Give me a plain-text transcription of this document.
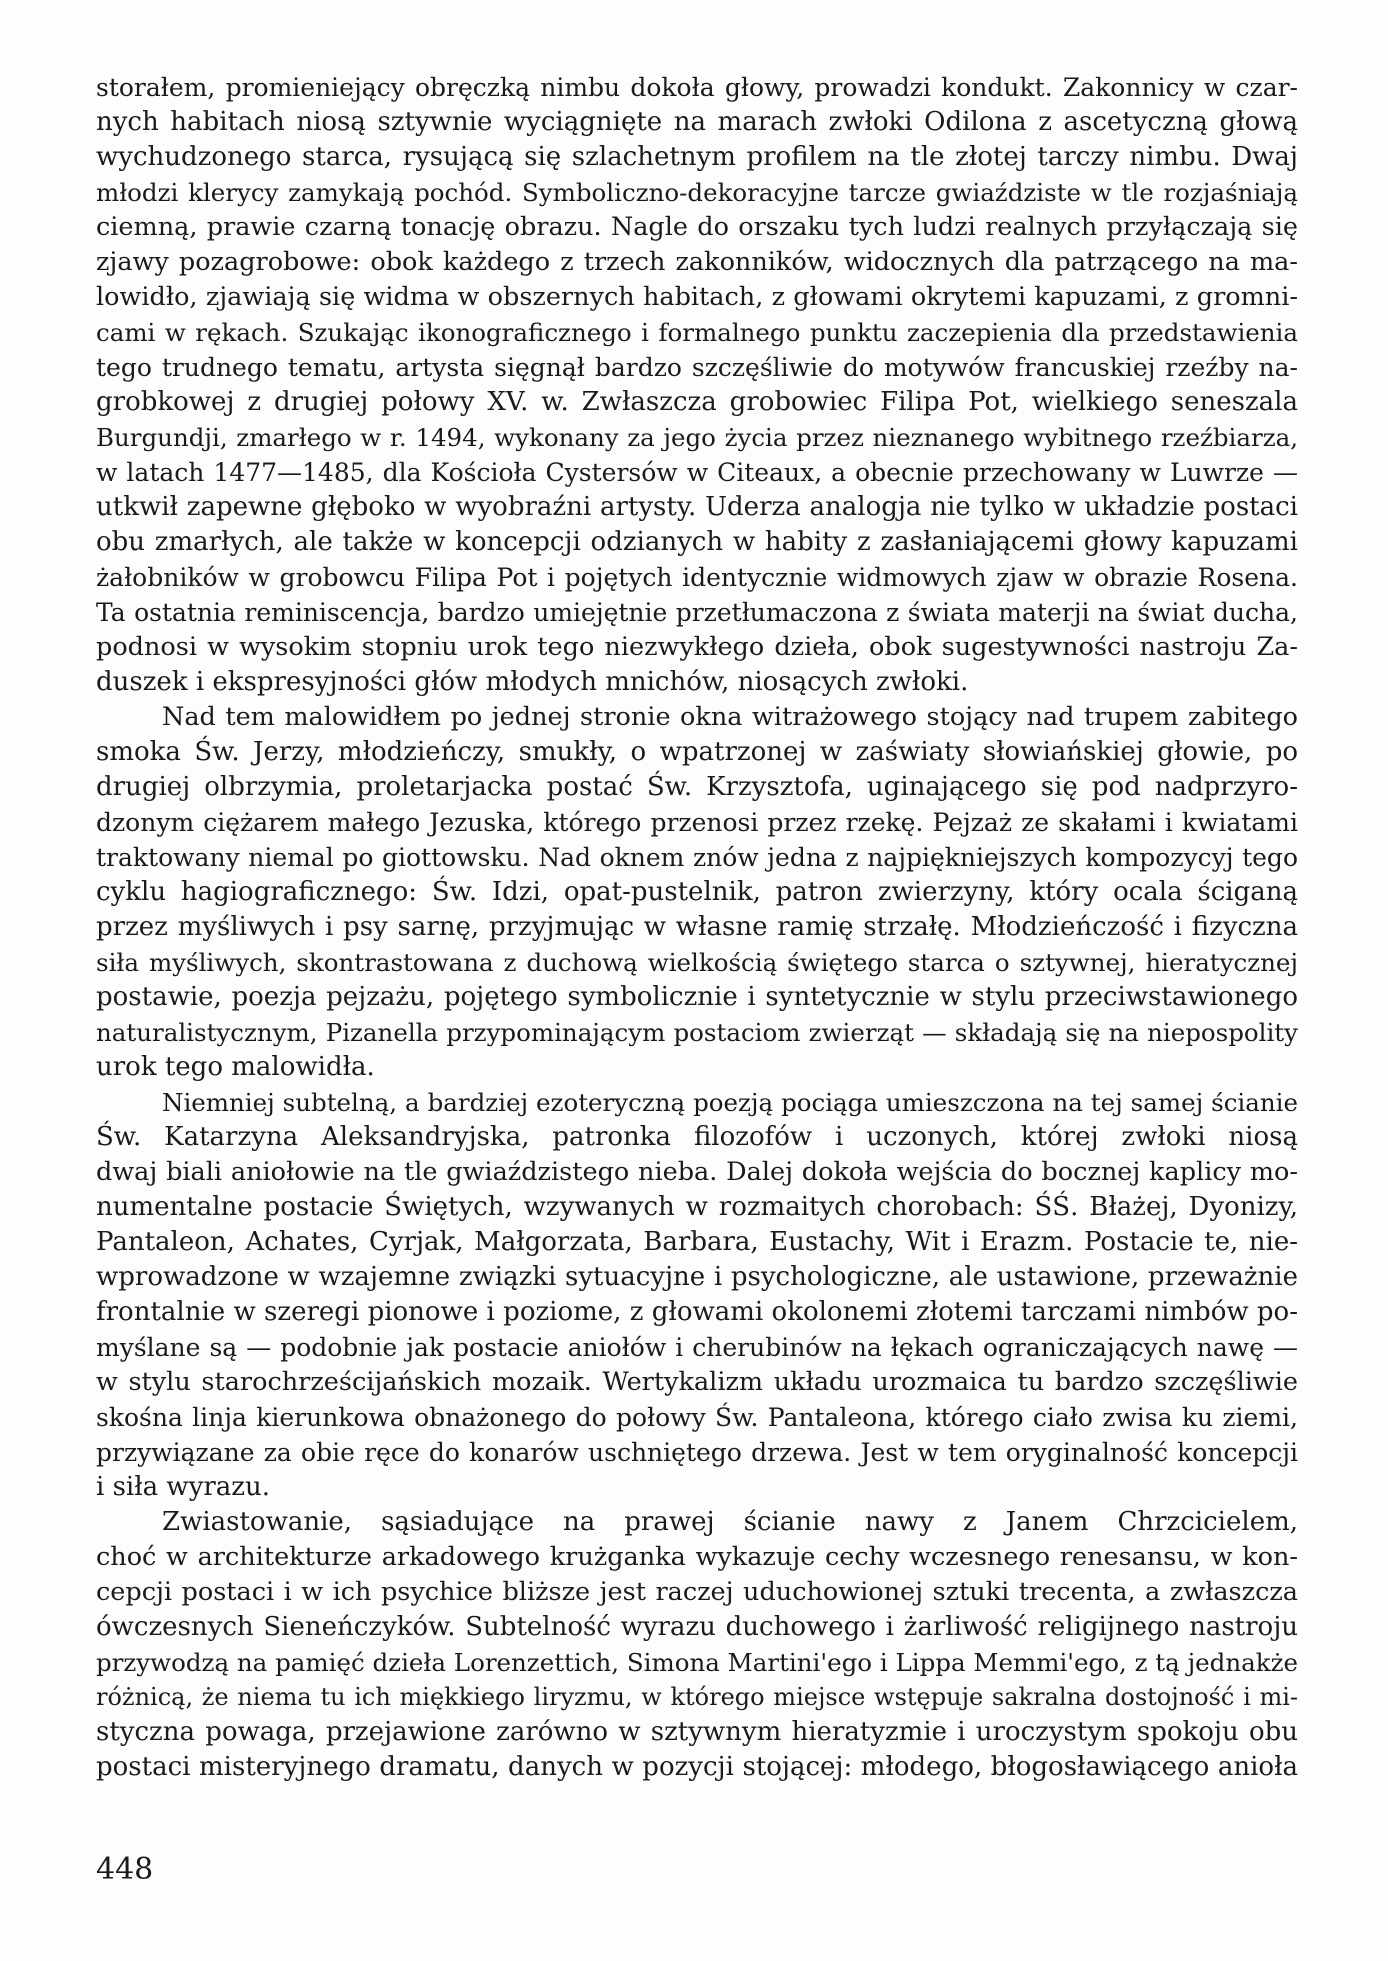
storałem, promieniejący obręczką nimbu dokoła głowy, prowadzi kondukt. Zakonnicy w czar-
nych habitach niosą sztywnie wyciągnięte na marach zwłoki Odilona z ascetyczną głową
wychudzonego starca, rysującą się szlachetnym profilem na tle złotej tarczy nimbu. Dwaj
młodzi klerycy zamykają pochód. Symboliczno-dekoracyjne tarcze gwiaździste w tle rozjaśniają
ciemną, prawie czarną tonację obrazu. Nagle do orszaku tych ludzi realnych przyłączają się
zjawy pozagrobowe: obok każdego z trzech zakonników, widocznych dla patrzącego na ma-
lowidło, zjawiają się widma w obszernych habitach, z głowami okrytemi kapuzami, z gromni-
cami w rękach. Szukając ikonograficznego i formalnego punktu zaczepienia dla przedstawienia
tego trudnego tematu, artysta sięgnął bardzo szczęśliwie do motywów francuskiej rzeźby na-
grobkowej z drugiej połowy XV. w. Zwłaszcza grobowiec Filipa Pot, wielkiego seneszala
Burgundji, zmarłego w r. 1494, wykonany za jego życia przez nieznanego wybitnego rzeźbiarza,
w latach 1477—1485, dla Kościoła Cystersów w Citeaux, a obecnie przechowany w Luwrze —
utkwił zapewne głęboko w wyobraźni artysty. Uderza analogja nie tylko w układzie postaci
obu zmarłych, ale także w koncepcji odzianych w habity z zasłaniającemi głowy kapuzami
żałobników w grobowcu Filipa Pot i pojętych identycznie widmowych zjaw w obrazie Rosena.
Ta ostatnia reminiscencja, bardzo umiejętnie przetłumaczona z świata materji na świat ducha,
podnosi w wysokim stopniu urok tego niezwykłego dzieła, obok sugestywności nastroju Za-
duszek i ekspresyjności głów młodych mnichów, niosących zwłoki.
Nad tem malowidłem po jednej stronie okna witrażowego stojący nad trupem zabitego
smoka Św. Jerzy, młodzieńczy, smukły, o wpatrzonej w zaświaty słowiańskiej głowie, po
drugiej olbrzymia, proletarjacka postać Św. Krzysztofa, uginającego się pod nadprzyro-
dzonym ciężarem małego Jezuska, którego przenosi przez rzekę. Pejzaż ze skałami i kwiatami
traktowany niemal po giottowsku. Nad oknem znów jedna z najpiękniejszych kompozycyj tego
cyklu hagiograficznego: Św. Idzi, opat-pustelnik, patron zwierzyny, który ocala ściganą
przez myśliwych i psy sarnę, przyjmując w własne ramię strzałę. Młodzieńczość i fizyczna
siła myśliwych, skontrastowana z duchową wielkością świętego starca o sztywnej, hieratycznej
postawie, poezja pejzażu, pojętego symbolicznie i syntetycznie w stylu przeciwstawionego
naturalistycznym, Pizanella przypominającym postaciom zwierząt — składają się na niepospolity
urok tego malowidła.
Niemniej subtelną, a bardziej ezoteryczną poezją pociąga umieszczona na tej samej ścianie
Św. Katarzyna Aleksandryjska, patronka filozofów i uczonych, której zwłoki niosą
dwaj biali aniołowie na tle gwiaździstego nieba. Dalej dokoła wejścia do bocznej kaplicy mo-
numentalne postacie Świętych, wzywanych w rozmaitych chorobach: ŚŚ. Błażej, Dyonizy,
Pantaleon, Achates, Cyrjak, Małgorzata, Barbara, Eustachy, Wit i Erazm. Postacie te, nie-
wprowadzone w wzajemne związki sytuacyjne i psychologiczne, ale ustawione, przeważnie
frontalnie w szeregi pionowe i poziome, z głowami okolonemi złotemi tarczami nimbów po-
myślane są — podobnie jak postacie aniołów i cherubinów na łękach ograniczających nawę —
w stylu starochrześcijańskich mozaik. Wertykalizm układu urozmaica tu bardzo szczęśliwie
skośna linja kierunkowa obnażonego do połowy Św. Pantaleona, którego ciało zwisa ku ziemi,
przywiązane za obie ręce do konarów uschniętego drzewa. Jest w tem oryginalność koncepcji
i siła wyrazu.
Zwiastowanie, sąsiadujące na prawej ścianie nawy z Janem Chrzcicielem,
choć w architekturze arkadowego krużganka wykazuje cechy wczesnego renesansu, w kon-
cepcji postaci i w ich psychice bliższe jest raczej uduchowionej sztuki trecenta, a zwłaszcza
ówczesnych Sieneńczyków. Subtelność wyrazu duchowego i żarliwość religijnego nastroju
przywodzą na pamięć dzieła Lorenzettich, Simona Martini'ego i Lippa Memmi'ego, z tą jednakże
różnicą, że niema tu ich miękkiego liryzmu, w którego miejsce wstępuje sakralna dostojność i mi-
styczna powaga, przejawione zarówno w sztywnym hieratyzmie i uroczystym spokoju obu
postaci misteryjnego dramatu, danych w pozycji stojącej: młodego, błogosławiącego anioła
448
